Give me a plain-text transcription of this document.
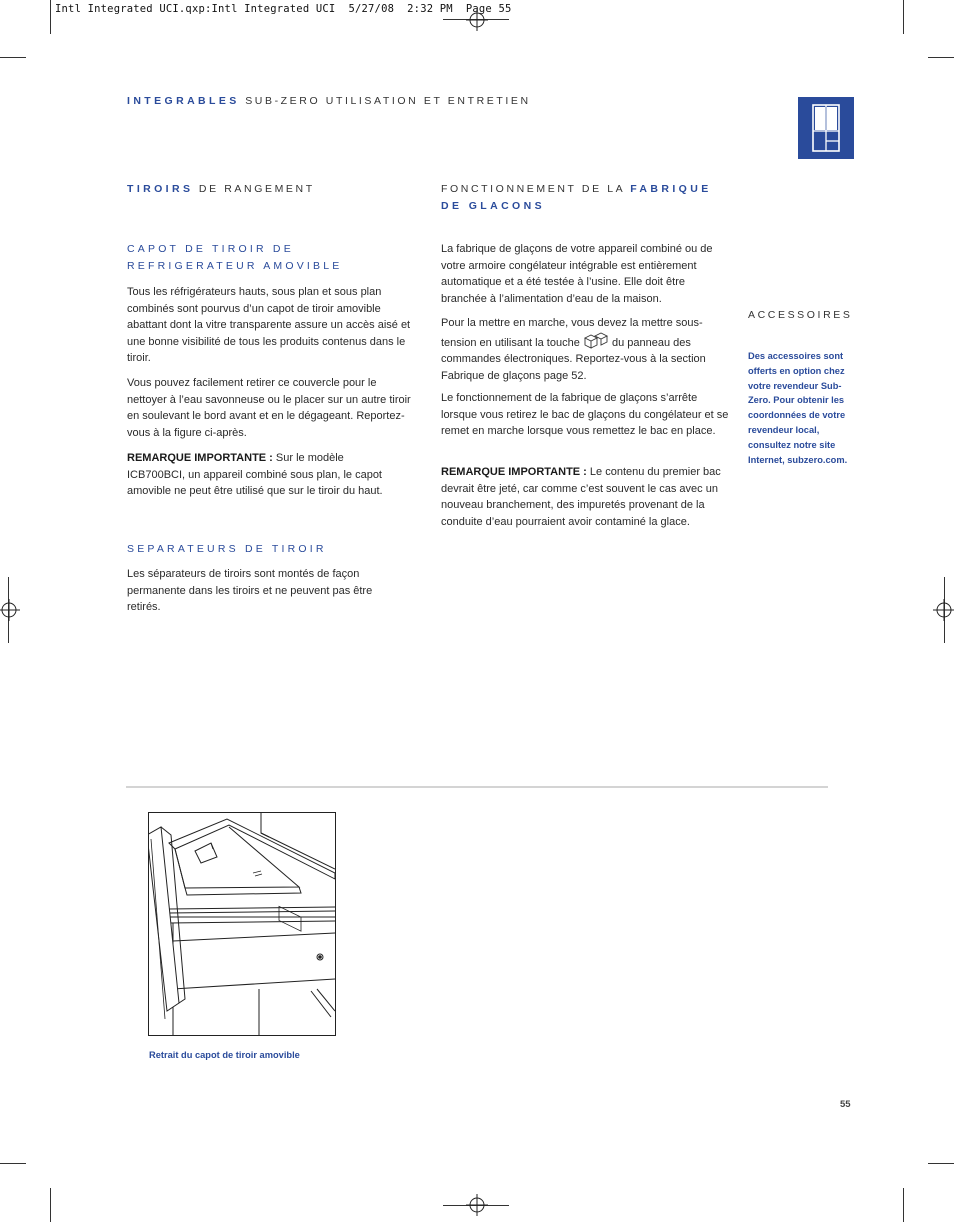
Intl Integrated UCI.qxp:Intl Integrated UCI  5/27/08  2:32 PM  Page 55
INTEGRABLES SUB-ZERO UTILISATION ET ENTRETIEN
TIROIRS DE RANGEMENT
CAPOT DE TIROIR DE REFRIGERATEUR AMOVIBLE
Tous les réfrigérateurs hauts, sous plan et sous plan combinés sont pourvus d’un capot de tiroir amovible abattant dont la vitre transparente assure un accès aisé et une bonne visibilité de tous les produits contenus dans le tiroir.
Vous pouvez facilement retirer ce couvercle pour le nettoyer à l’eau savonneuse ou le placer sur un autre tiroir en soulevant le bord avant et en le dégageant. Reportez-vous à la figure ci-après.
REMARQUE IMPORTANTE : Sur le modèle ICB700BCI, un appareil combiné sous plan, le capot amovible ne peut être utilisé que sur le tiroir du haut.
SEPARATEURS DE TIROIR
Les séparateurs de tiroirs sont montés de façon permanente dans les tiroirs et ne peuvent pas être retirés.
FONCTIONNEMENT DE LA FABRIQUE
DE GLACONS
La fabrique de glaçons de votre appareil combiné ou de votre armoire congélateur intégrable est entièrement automatique et a été testée à l’usine. Elle doit être branchée à l’alimentation d’eau de la maison.
Pour la mettre en marche, vous devez la mettre sous-tension en utilisant la touche	du panneau des commandes électroniques. Reportez-vous à la section Fabrique de glaçons page 52.
Le fonctionnement de la fabrique de glaçons s’arrête lorsque vous retirez le bac de glaçons du congélateur et se remet en marche lorsque vous remettez le bac en place.
REMARQUE IMPORTANTE : Le contenu du premier bac devrait être jeté, car comme c’est souvent le cas avec un nouveau branchement, des impuretés provenant de la conduite d’eau pourraient avoir contaminé la glace.
ACCESSOIRES
Des accessoires sont offerts en option chez votre revendeur Sub-Zero. Pour obtenir les coordonnées de votre revendeur local, consultez notre site Internet, subzero.com.
Retrait du capot de tiroir amovible
55
